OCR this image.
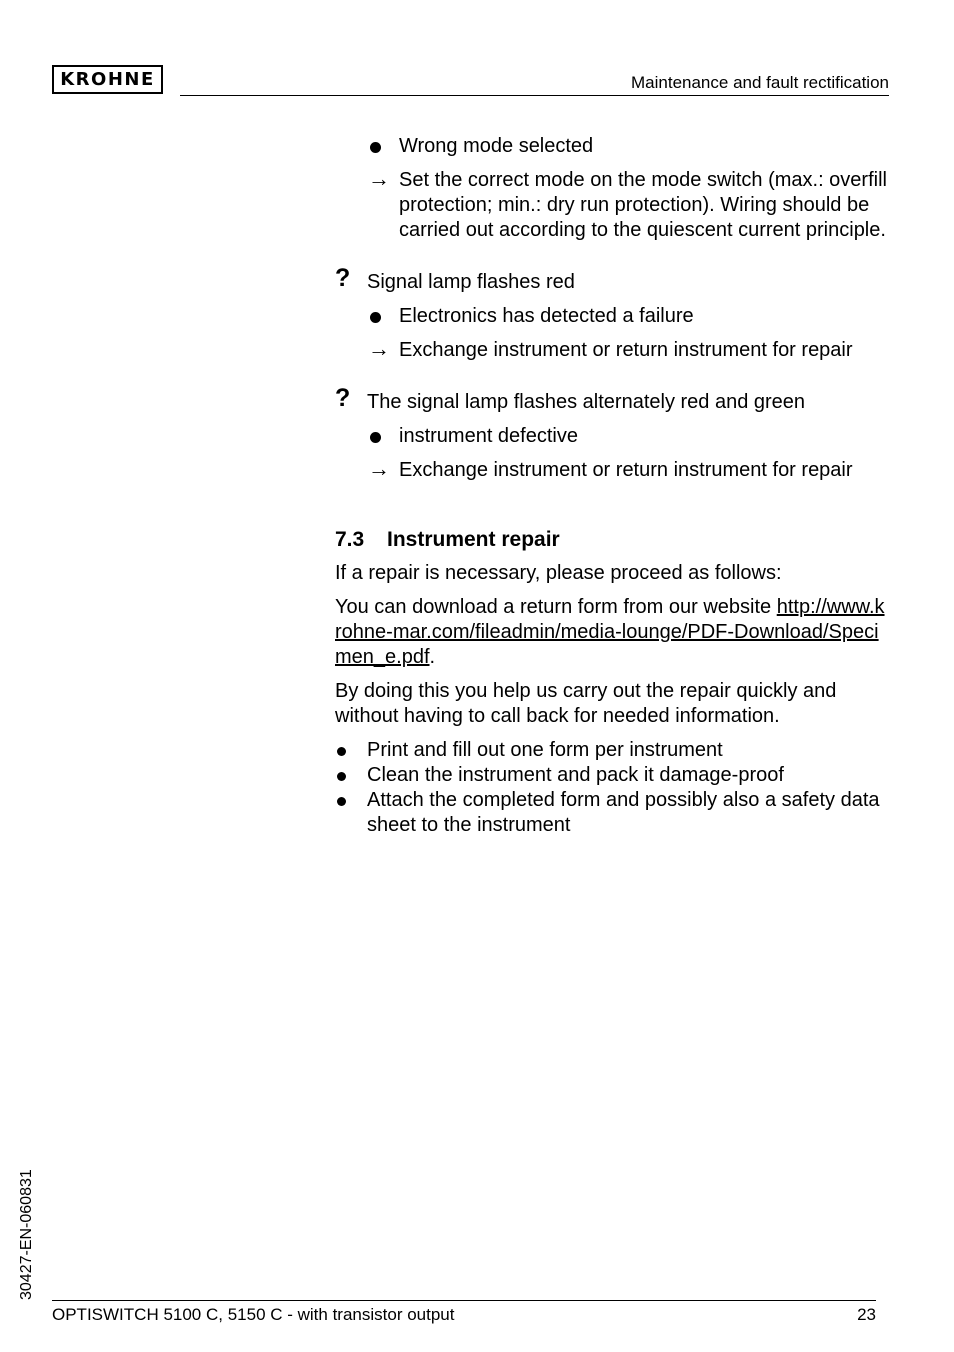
KROHNE	Maintenance and fault rectification
Wrong mode selected
→ Set the correct mode on the mode switch (max.: overfill protection; min.: dry run protection). Wiring should be carried out according to the quiescent current principle.
? Signal lamp flashes red
Electronics has detected a failure
→ Exchange instrument or return instrument for repair
? The signal lamp flashes alternately red and green
instrument defective
→ Exchange instrument or return instrument for repair
7.3 Instrument repair

If a repair is necessary, please proceed as follows:

You can download a return form from our website http://www.krohne-mar.com/fileadmin/media-lounge/PDF-Download/Specimen_e.pdf.

By doing this you help us carry out the repair quickly and without having to call back for needed information.

Print and fill out one form per instrument
Clean the instrument and pack it damage-proof
Attach the completed form and possibly also a safety data sheet to the instrument
30427-EN-060831
OPTISWITCH 5100 C, 5150 C - with transistor output	23
